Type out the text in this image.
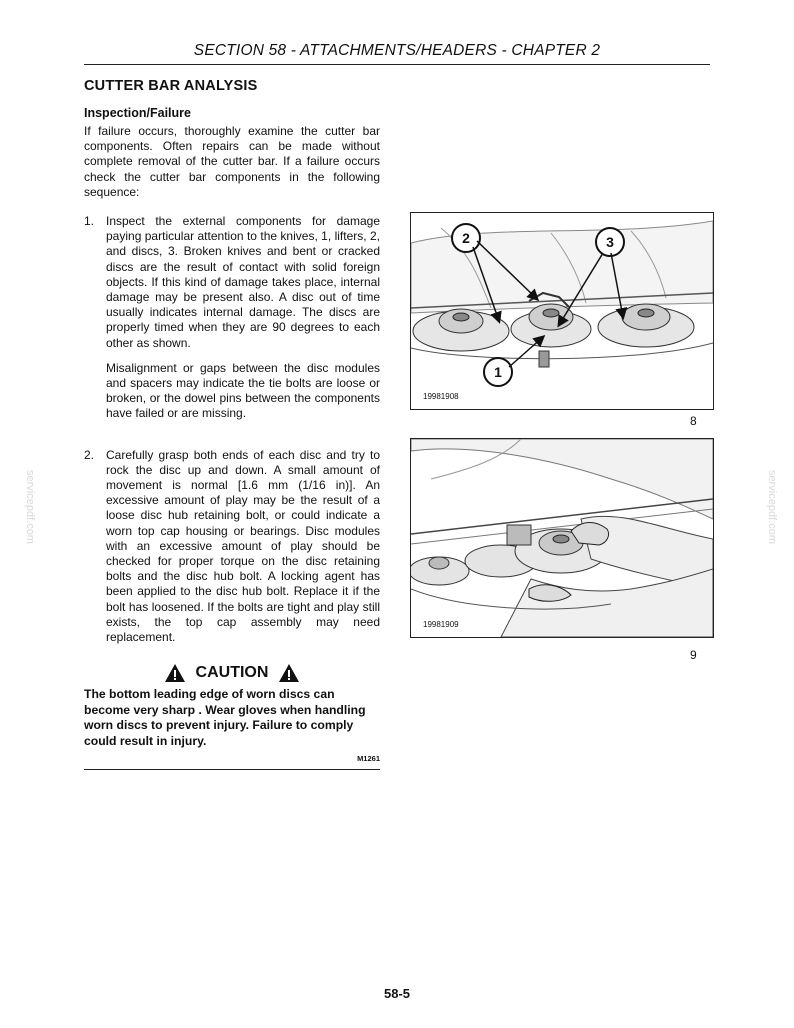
SECTION 58 - ATTACHMENTS/HEADERS - CHAPTER 2
CUTTER BAR ANALYSIS
Inspection/Failure

If failure occurs, thoroughly examine the cutter bar components. Often repairs can be made without complete removal of the cutter bar. If a failure occurs check the cutter bar components in the following sequence:

1. Inspect the external components for damage paying particular attention to the knives, 1, lifters, 2, and discs, 3. Broken knives and bent or cracked discs are the result of contact with solid foreign objects. If this kind of damage takes place, internal damage may be present also. A disc out of time usually indicates internal damage. The discs are properly timed when they are 90 degrees to each other as shown.

Misalignment or gaps between the disc modules and spacers may indicate the tie bolts are loose or broken, or the dowel pins between the components have failed or are missing.

2. Carefully grasp both ends of each disc and try to rock the disc up and down. A small amount of movement is normal [1.6 mm (1/16 in)]. An excessive amount of play may be the result of a loose disc hub retaining bolt, or could indicate a worn top cap housing or bearings. Disc modules with an excessive amount of play should be checked for proper torque on the disc retaining bolts and the disc hub bolt. A locking agent has been applied to the disc hub bolt. Replace it if the bolt has loosened. If the bolts are tight and play still exists, the top cap assembly may need replacement.

CAUTION
The bottom leading edge of worn discs can become very sharp . Wear gloves when handling worn discs to prevent injury. Failure to comply could result in injury.
M1261
2	3
1
19981908
8
19981909
9
servicepdf.com	servicepdf.com
58-5
